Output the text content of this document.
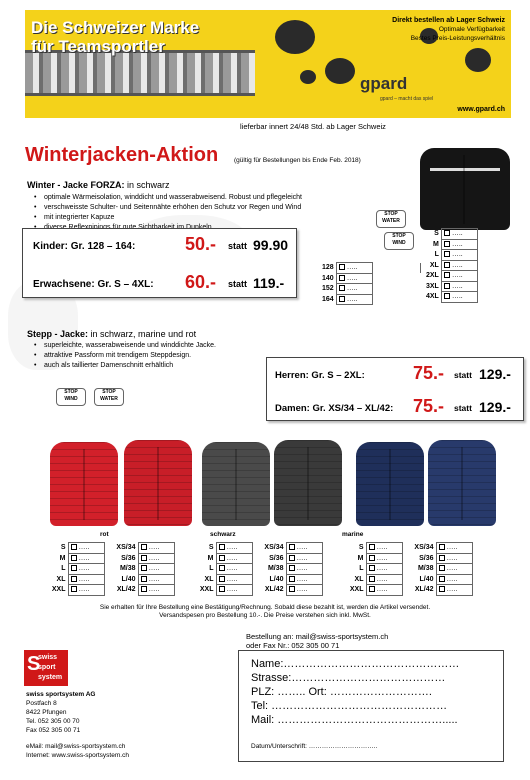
Die Schweizer Marke
für Teamsportler
Direkt bestellen ab Lager Schweiz
Optimale Verfügbarkeit
Bestes Preis-Leistungsverhältnis
gpard
gpard – macht das spiel
www.gpard.ch
lieferbar innert 24/48 Std. ab Lager Schweiz
Winterjacken-Aktion (gültig für Bestellungen bis Ende Feb. 2018)
Winter - Jacke FORZA: in schwarz
• optimale Wärmeisolation, winddicht und wasserabweisend. Robust und pflegeleicht
• verschweisste Schulter- und Seitennähte erhöhen den Schutz vor Regen und Wind
• mit integrierter Kapuze
•	STOP WATER
STOP WIND
Kinder: Gr. 128 – 164:	50.- statt 99.90
Erwachsene: Gr. S – 4XL: 60.- statt 119.-
128	…..	
140	…..	
152	…..	
164	…..	
S	…..
M	…..
L	…..
XL	…..
2XL	…..
3XL	…..
4XL	…..
Stepp - Jacke: in schwarz, marine und rot
• superleichte, wasserabweisende und winddichte Jacke.
• attraktive Passform mit trendigem Steppdesign.
• auch als taillierter Damenschnitt erhältlich
STOP WIND
STOP WATER
Herren: Gr. S – 2XL:	75.- statt 129.-
Damen: Gr. XS/34 – XL/42: 75.- statt 129.-
rot	schwarz	marine
S	…..	XS/34	…..
M	…..	S/36	…..
L	…..	M/38	…..
XL	…..	L/40	…..
XXL	…..	XL/42	…..
S	…..	XS/34	…..
M	…..	S/36	…..
L	…..	M/38	…..
XL	…..	L/40	…..
XXL	…..	XL/42	…..
S	…..	XS/34	…..
M	…..	S/36	…..
L	…..	M/38	…..
XL	…..	L/40	…..
XXL	…..	XL/42	…..
Sie erhalten für Ihre Bestellung eine Bestätigung/Rechnung. Sobald diese bezahlt ist, werden die Artikel versendet.
Versandspesen pro Bestellung 10.-. Die Preise verstehen sich inkl. MwSt.
S
swiss
sport
system
swiss sportsystem AG
Postfach 8
8422 Pfungen
Tel. 052 305 00 70
Fax 052 305 00 71
eMail: mail@swiss-sportsystem.ch
Internet: www.swiss-sportsystem.ch
Bestellung an: mail@swiss-sportsystem.ch
oder Fax Nr.: 052 305 00 71
Name:…………………………………………
Strasse:……………………………………
PLZ: …….. Ort: ……………………….
Tel: …………………………………………
Mail: ……………………………………….....
Datum/Unterschrift: …………………………..
